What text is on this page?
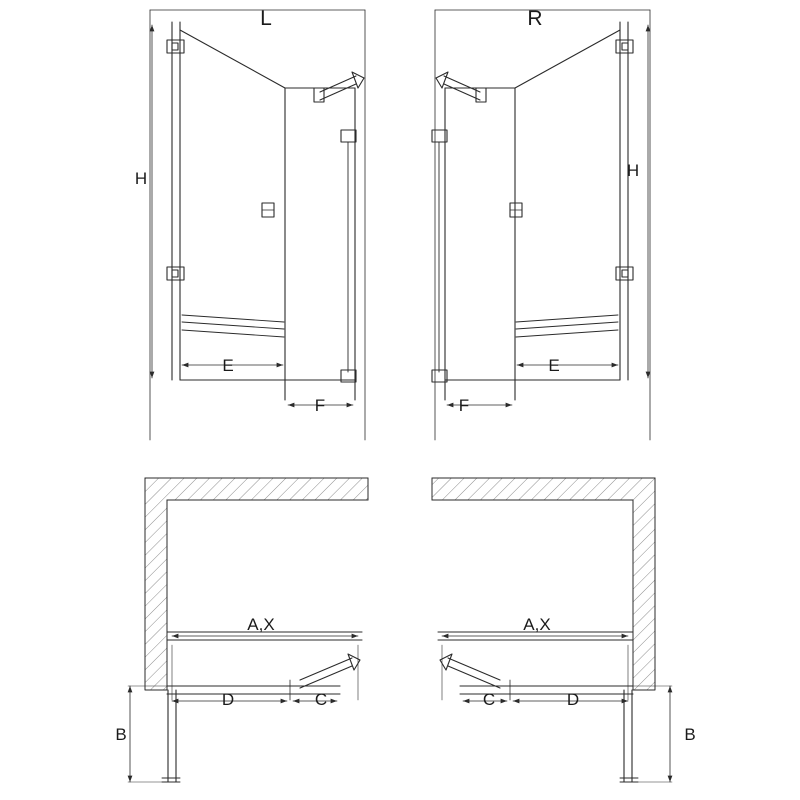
L	R
H
E
F
H
E
F
A,X
D	C
B
A,X
D
C
B
